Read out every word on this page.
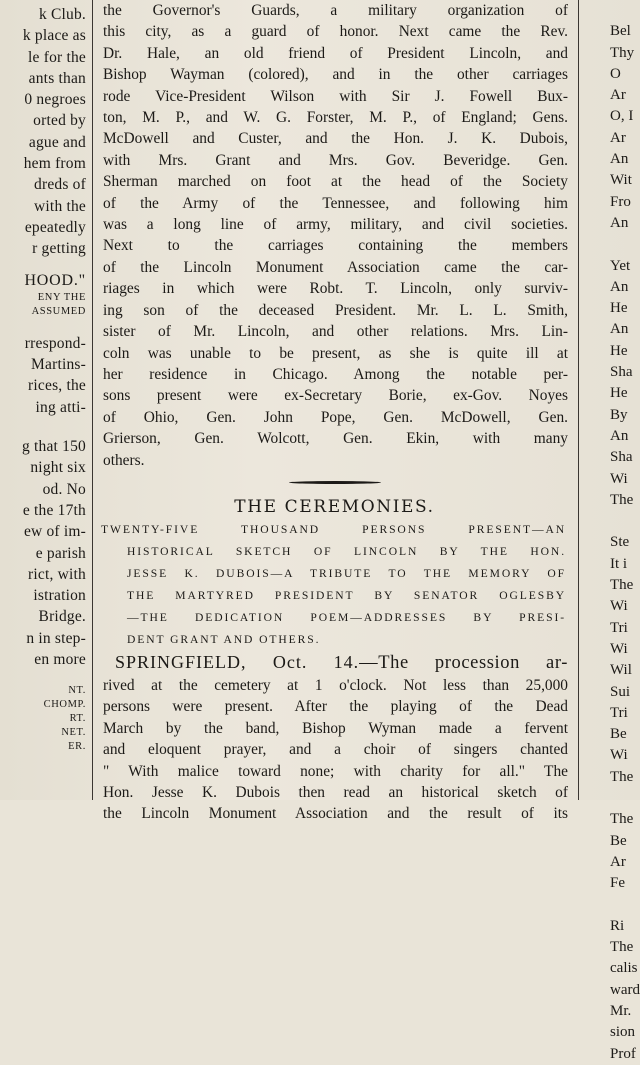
k Club.
k place as
le for the
ants than
0 negroes
orted by
ague and
hem from
dreds of
with the
epeatedly
r getting
HOOD."
ENY THE
ASSUMED
rrespond-
Martins-
rices, the
ing atti-
g that 150
night six
od. No
e the 17th
ew of im-
e parish
rict, with
istration
Bridge.
n in step-
en more
NT.
CHOMP.
RT.
NET.
ER.
the Governor's Guards, a military organization of
this city, as a guard of honor. Next came the Rev.
Dr. Hale, an old friend of President Lincoln, and
Bishop Wayman (colored), and in the other carriages
rode Vice-President Wilson with Sir J. Fowell Bux-
ton, M. P., and W. G. Forster, M. P., of England; Gens.
McDowell and Custer, and the Hon. J. K. Dubois,
with Mrs. Grant and Mrs. Gov. Beveridge. Gen.
Sherman marched on foot at the head of the Society
of the Army of the Tennessee, and following him
was a long line of army, military, and civil societies.
Next to the carriages containing the members
of the Lincoln Monument Association came the car-
riages in which were Robt. T. Lincoln, only surviv-
ing son of the deceased President. Mr. L. L. Smith,
sister of Mr. Lincoln, and other relations. Mrs. Lin-
coln was unable to be present, as she is quite ill at
her residence in Chicago. Among the notable per-
sons present were ex-Secretary Borie, ex-Gov. Noyes
of Ohio, Gen. John Pope, Gen. McDowell, Gen.
Grierson, Gen. Wolcott, Gen. Ekin, with many
others.
THE CEREMONIES.
TWENTY-FIVE THOUSAND PERSONS PRESENT—AN
HISTORICAL SKETCH OF LINCOLN BY THE HON.
JESSE K. DUBOIS—A TRIBUTE TO THE MEMORY OF
THE MARTYRED PRESIDENT BY SENATOR OGLESBY
—THE DEDICATION POEM—ADDRESSES BY PRESI-
DENT GRANT AND OTHERS.
SPRINGFIELD, Oct. 14.—The procession ar-
rived at the cemetery at 1 o'clock. Not less than 25,000
persons were present. After the playing of the Dead
March by the band, Bishop Wyman made a fervent
and eloquent prayer, and a choir of singers chanted
" With malice toward none; with charity for all." The
Hon. Jesse K. Dubois then read an historical sketch of
the Lincoln Monument Association and the result of its

Bel
Thy
O
Ar
O, I
Ar
An
Wit
Fro
An

Yet
An
He
An
He
Sha
He
By
An
Sha
Wi
The

Ste
It i
The
Wi
Tri
Wi
Wil
Sui
Tri
Be
Wi
The

The
Be
Ar
Fe

Ri
The
calis
ward
Mr.
sion
Prof
